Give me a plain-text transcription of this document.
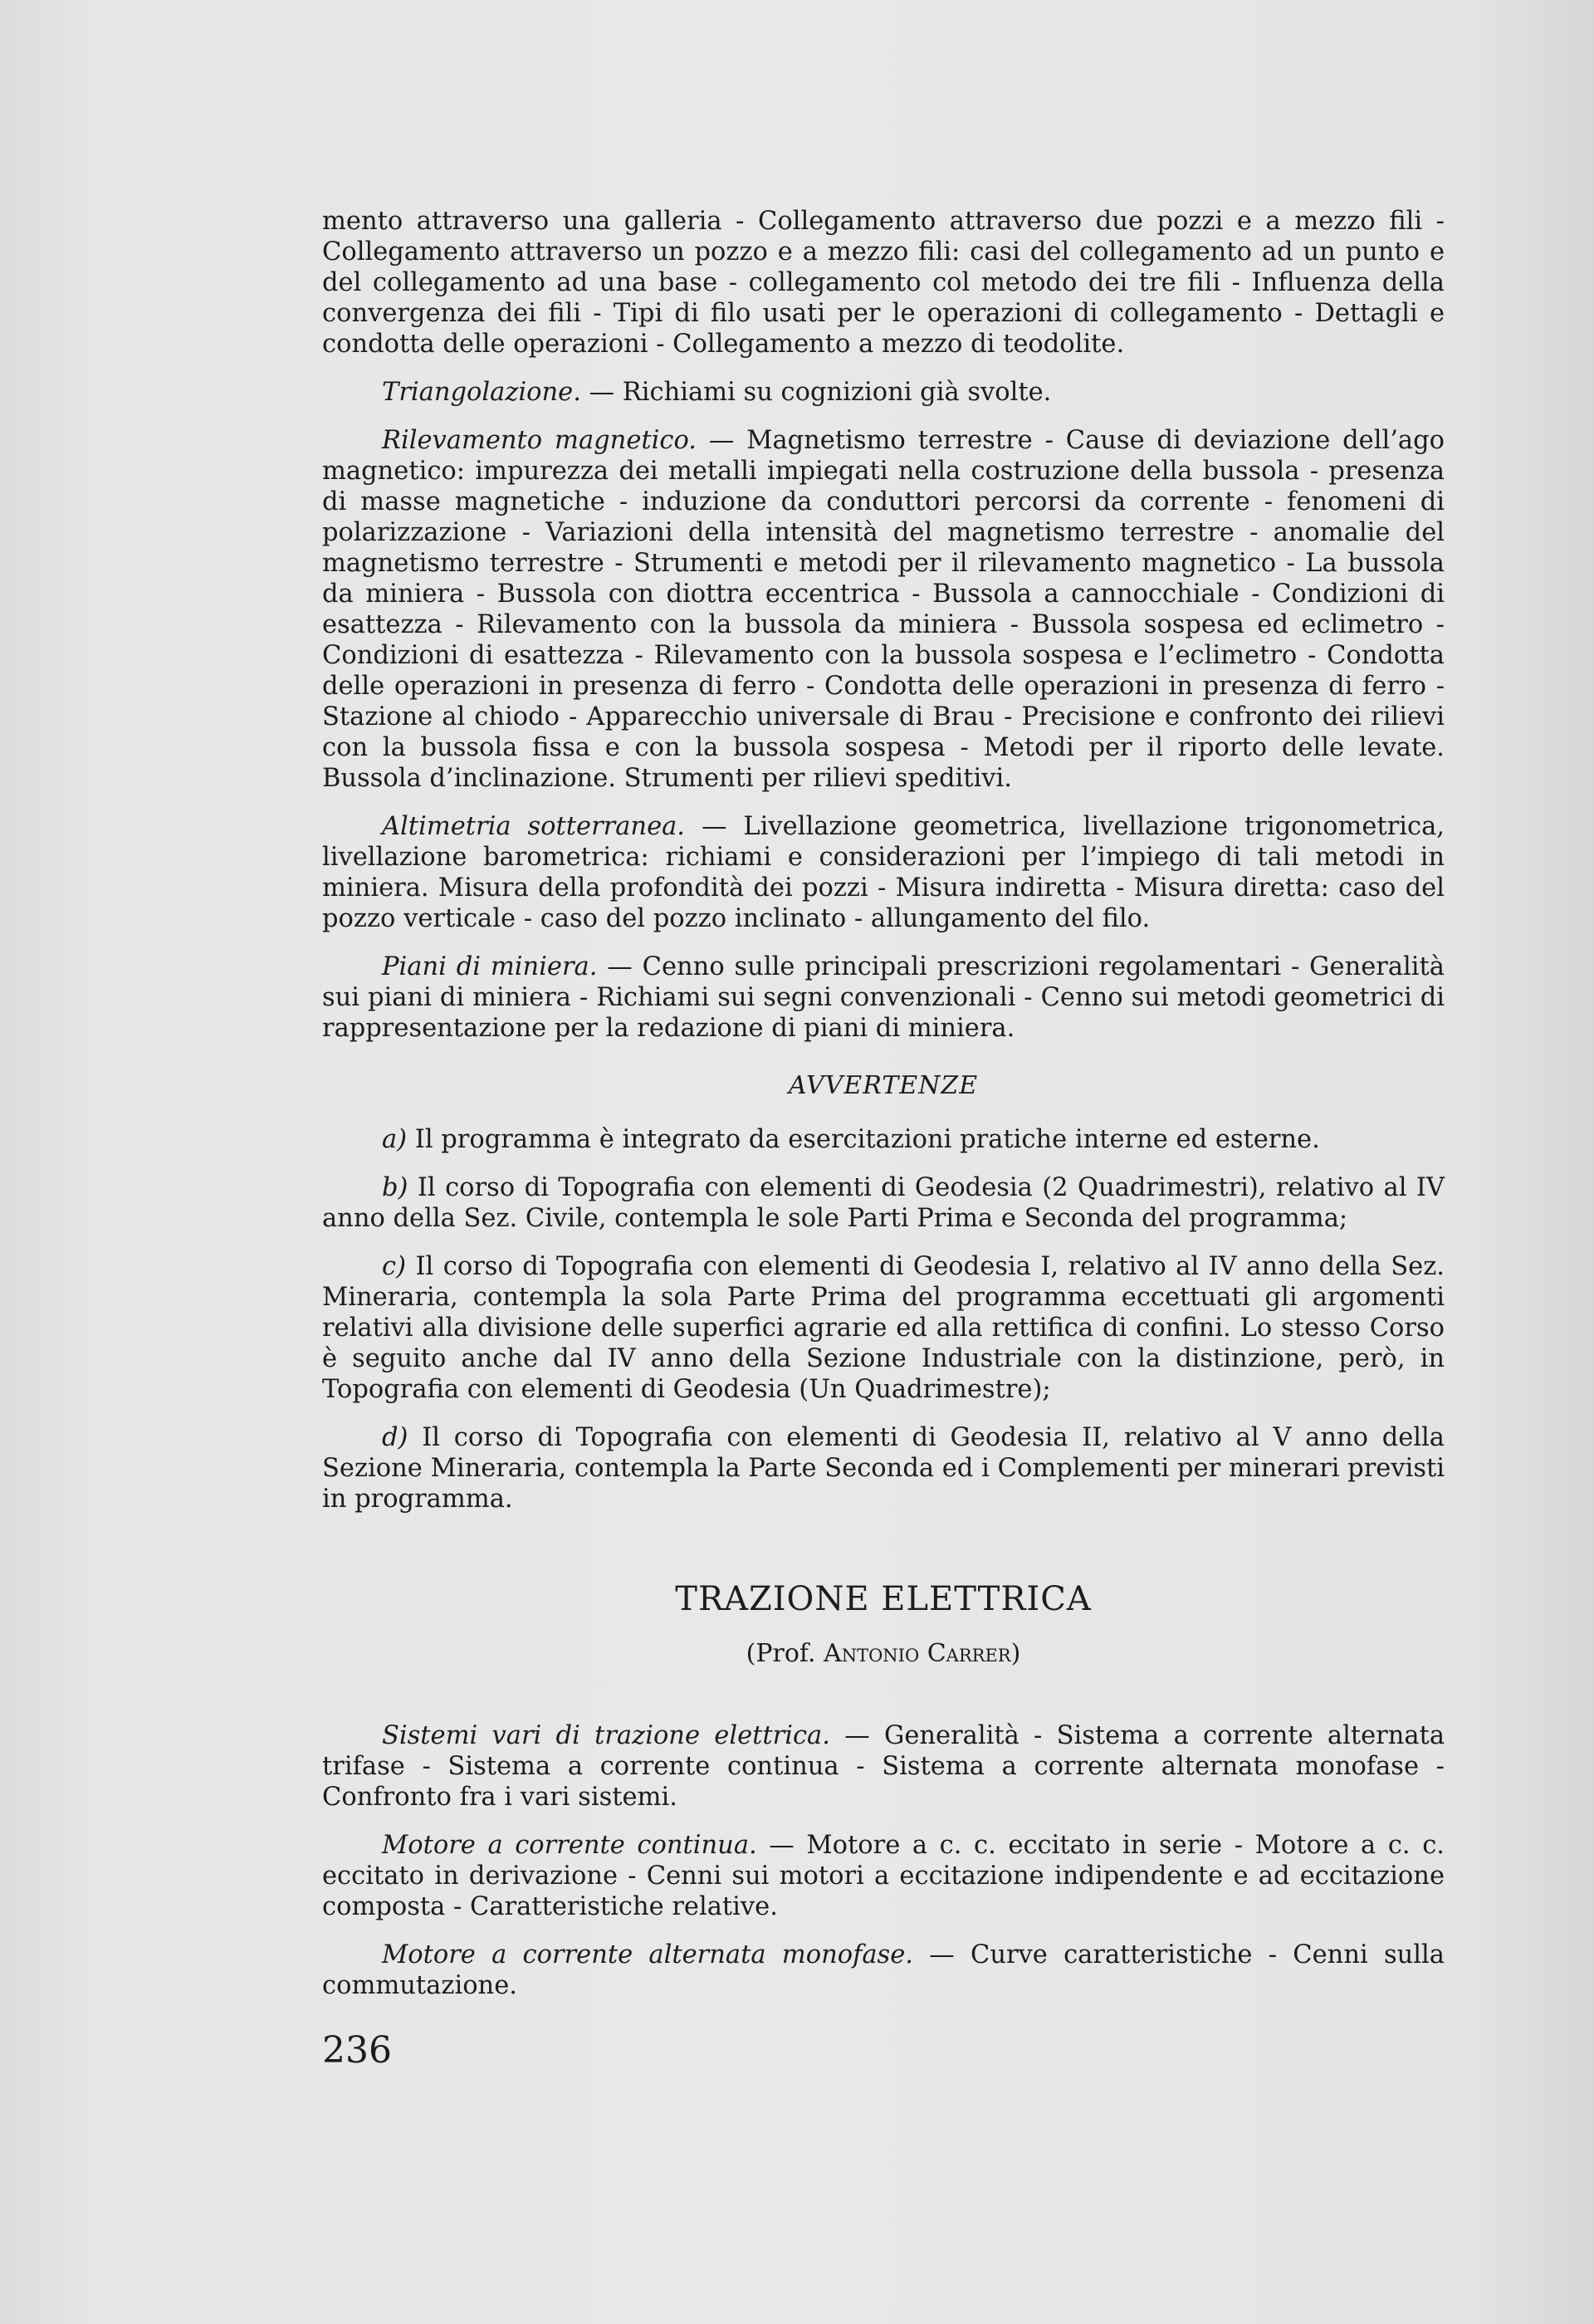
mento attraverso una galleria - Collegamento attraverso due pozzi e a mezzo fili - Collegamento attraverso un pozzo e a mezzo fili: casi del collegamento ad un punto e del collegamento ad una base - collegamento col metodo dei tre fili - Influenza della convergenza dei fili - Tipi di filo usati per le operazioni di collegamento - Dettagli e condotta delle operazioni - Collegamento a mezzo di teodolite.

Triangolazione. — Richiami su cognizioni già svolte.

Rilevamento magnetico. — Magnetismo terrestre - Cause di deviazione dell’ago magnetico: impurezza dei metalli impiegati nella costruzione della bussola - presenza di masse magnetiche - induzione da conduttori percorsi da corrente - fenomeni di polarizzazione - Variazioni della intensità del magnetismo terrestre - anomalie del magnetismo terrestre - Strumenti e metodi per il rilevamento magnetico - La bussola da miniera - Bussola con diottra eccentrica - Bussola a cannocchiale - Condizioni di esattezza - Rilevamento con la bussola da miniera - Bussola sospesa ed eclimetro - Condizioni di esattezza - Rilevamento con la bussola sospesa e l’eclimetro - Condotta delle operazioni in presenza di ferro - Condotta delle operazioni in presenza di ferro - Stazione al chiodo - Apparecchio universale di Brau - Precisione e confronto dei rilievi con la bussola fissa e con la bussola sospesa - Metodi per il riporto delle levate. Bussola d’inclinazione. Strumenti per rilievi speditivi.

Altimetria sotterranea. — Livellazione geometrica, livellazione trigonometrica, livellazione barometrica: richiami e considerazioni per l’impiego di tali metodi in miniera. Misura della profondità dei pozzi - Misura indiretta - Misura diretta: caso del pozzo verticale - caso del pozzo inclinato - allungamento del filo.

Piani di miniera. — Cenno sulle principali prescrizioni regolamentari - Generalità sui piani di miniera - Richiami sui segni convenzionali - Cenno sui metodi geometrici di rappresentazione per la redazione di piani di miniera.

AVVERTENZE

a) Il programma è integrato da esercitazioni pratiche interne ed esterne.

b) Il corso di Topografia con elementi di Geodesia (2 Quadrimestri), relativo al IV anno della Sez. Civile, contempla le sole Parti Prima e Seconda del programma;

c) Il corso di Topografia con elementi di Geodesia I, relativo al IV anno della Sez. Mineraria, contempla la sola Parte Prima del programma eccettuati gli argomenti relativi alla divisione delle superfici agrarie ed alla rettifica di confini. Lo stesso Corso è seguito anche dal IV anno della Sezione Industriale con la distinzione, però, in Topografia con elementi di Geodesia (Un Quadrimestre);

d) Il corso di Topografia con elementi di Geodesia II, relativo al V anno della Sezione Mineraria, contempla la Parte Seconda ed i Complementi per minerari previsti in programma.

TRAZIONE ELETTRICA
(Prof. Antonio Carrer)

Sistemi vari di trazione elettrica. — Generalità - Sistema a corrente alternata trifase - Sistema a corrente continua - Sistema a corrente alternata monofase - Confronto fra i vari sistemi.

Motore a corrente continua. — Motore a c. c. eccitato in serie - Motore a c. c. eccitato in derivazione - Cenni sui motori a eccitazione indipendente e ad eccitazione composta - Caratteristiche relative.

Motore a corrente alternata monofase. — Curve caratteristiche - Cenni sulla commutazione.

236
